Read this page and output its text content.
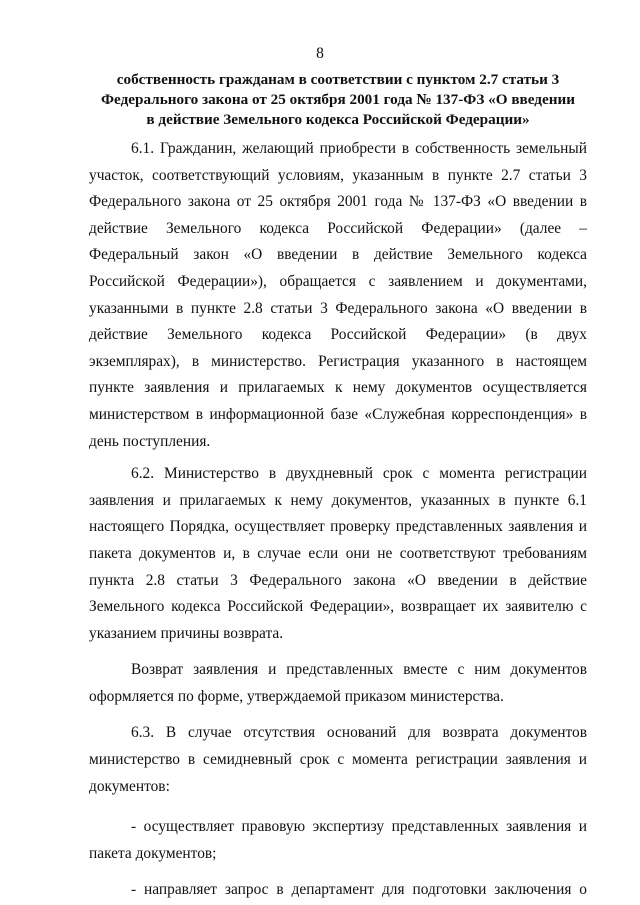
8
собственность гражданам в соответствии с пунктом 2.7 статьи 3
Федерального закона от 25 октября 2001 года № 137-ФЗ «О введении
в действие Земельного кодекса Российской Федерации»
6.1. Гражданин, желающий приобрести в собственность земельный
участок, соответствующий условиям, указанным в пункте 2.7 статьи 3
Федерального закона от 25 октября 2001 года № 137-ФЗ «О введении в
действие Земельного кодекса Российской Федерации» (далее –
Федеральный закон «О введении в действие Земельного кодекса
Российской Федерации»), обращается с заявлением и документами,
указанными в пункте 2.8 статьи 3 Федерального закона «О введении в
действие Земельного кодекса Российской Федерации» (в двух
экземплярах), в министерство. Регистрация указанного в настоящем
пункте заявления и прилагаемых к нему документов осуществляется
министерством в информационной базе «Служебная корреспонденция» в
день поступления.
6.2. Министерство в двухдневный срок с момента регистрации
заявления и прилагаемых к нему документов, указанных в пункте 6.1
настоящего Порядка, осуществляет проверку представленных заявления и
пакета документов и, в случае если они не соответствуют требованиям
пункта 2.8 статьи 3 Федерального закона «О введении в действие
Земельного кодекса Российской Федерации», возвращает их заявителю с
указанием причины возврата.
Возврат заявления и представленных вместе с ним документов
оформляется по форме, утверждаемой приказом министерства.
6.3. В случае отсутствия оснований для возврата документов
министерство в семидневный срок с момента регистрации заявления и
документов:
- осуществляет правовую экспертизу представленных заявления и
пакета документов;
- направляет запрос в департамент для подготовки заключения о
